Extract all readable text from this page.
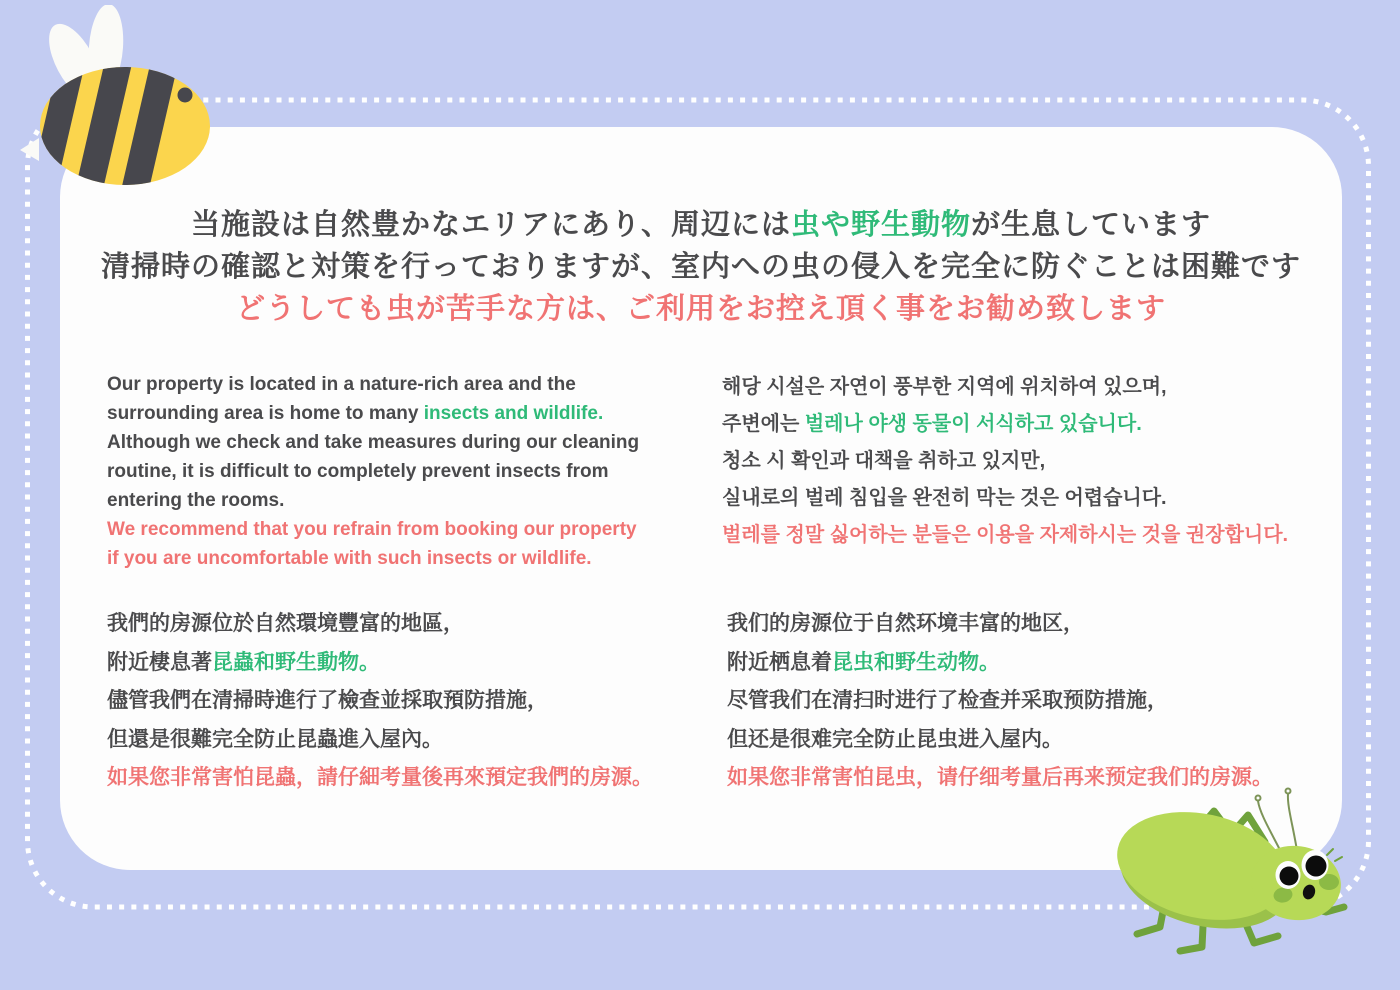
当施設は自然豊かなエリアにあり、周辺には虫や野生動物が生息しています
清掃時の確認と対策を行っておりますが、室内への虫の侵入を完全に防ぐことは困難です
どうしても虫が苦手な方は、ご利用をお控え頂く事をお勧め致します
Our property is located in a nature-rich area and the
surrounding area is home to many insects and wildlife.
Although we check and take measures during our cleaning
routine, it is difficult to completely prevent insects from
entering the rooms.
We recommend that you refrain from booking our property
if you are uncomfortable with such insects or wildlife.
해당 시설은 자연이 풍부한 지역에 위치하여 있으며,
주변에는 벌레나 야생 동물이 서식하고 있습니다.
청소 시 확인과 대책을 취하고 있지만,
실내로의 벌레 침입을 완전히 막는 것은 어렵습니다.
벌레를 정말 싫어하는 분들은 이용을 자제하시는 것을 권장합니다.
我們的房源位於自然環境豐富的地區，
附近棲息著昆蟲和野生動物。
儘管我們在清掃時進行了檢查並採取預防措施，
但還是很難完全防止昆蟲進入屋內。
如果您非常害怕昆蟲，請仔細考量後再來預定我們的房源。
我们的房源位于自然环境丰富的地区，
附近栖息着昆虫和野生动物。
尽管我们在清扫时进行了检查并采取预防措施，
但还是很难完全防止昆虫进入屋内。
如果您非常害怕昆虫，请仔细考量后再来预定我们的房源。
